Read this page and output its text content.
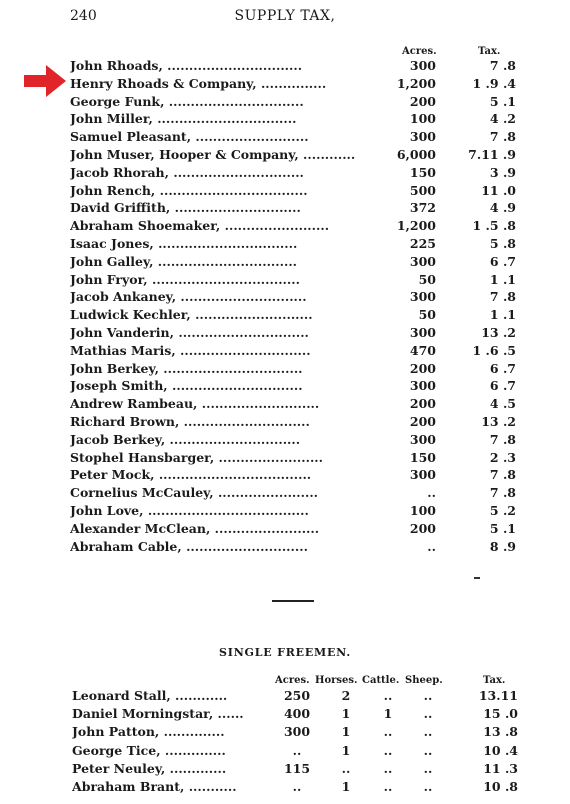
240	SUPPLY TAX,
Acres.	Tax.
John Rhoads, ...............................	300	7 .8
Henry Rhoads & Company, ...............	1,200	1 .9 .4
George Funk, ...............................	200	5 .1
John Miller, ................................	100	4 .2
Samuel Pleasant, ..........................	300	7 .8
John Muser, Hooper & Company, ............	6,000	7.11 .9
Jacob Rhorah, ..............................	150	3 .9
John Rench, ..................................	500	11 .0
David Griffith, .............................	372	4 .9
Abraham Shoemaker, ........................	1,200	1 .5 .8
Isaac Jones, ................................	225	5 .8
John Galley, ................................	300	6 .7
John Fryor, ..................................	50	1 .1
Jacob Ankaney, .............................	300	7 .8
Ludwick Kechler, ...........................	50	1 .1
John Vanderin, ..............................	300	13 .2
Mathias Maris, ..............................	470	1 .6 .5
John Berkey, ................................	200	6 .7
Joseph Smith, ..............................	300	6 .7
Andrew Rambeau, ...........................	200	4 .5
Richard Brown, .............................	200	13 .2
Jacob Berkey, ..............................	300	7 .8
Stophel Hansbarger, ........................	150	2 .3
Peter Mock, ...................................	300	7 .8
Cornelius McCauley, .......................	..	7 .8
John Love, .....................................	100	5 .2
Alexander McClean, ........................	200	5 .1
Abraham Cable, ............................	..	8 .9
SINGLE FREEMEN.
Acres. Horses. Cattle. Sheep.	Tax.
Leonard Stall, ............	250	2	..	..	13.11
Daniel Morningstar, ......	400	1	1	..	15 .0
John Patton, ..............	300	1	..	..	13 .8
George Tice, ..............	..	1	..	..	10 .4
Peter Neuley, .............	115	..	..	..	11 .3
Abraham Brant, ...........	..	1	..	..	10 .8
